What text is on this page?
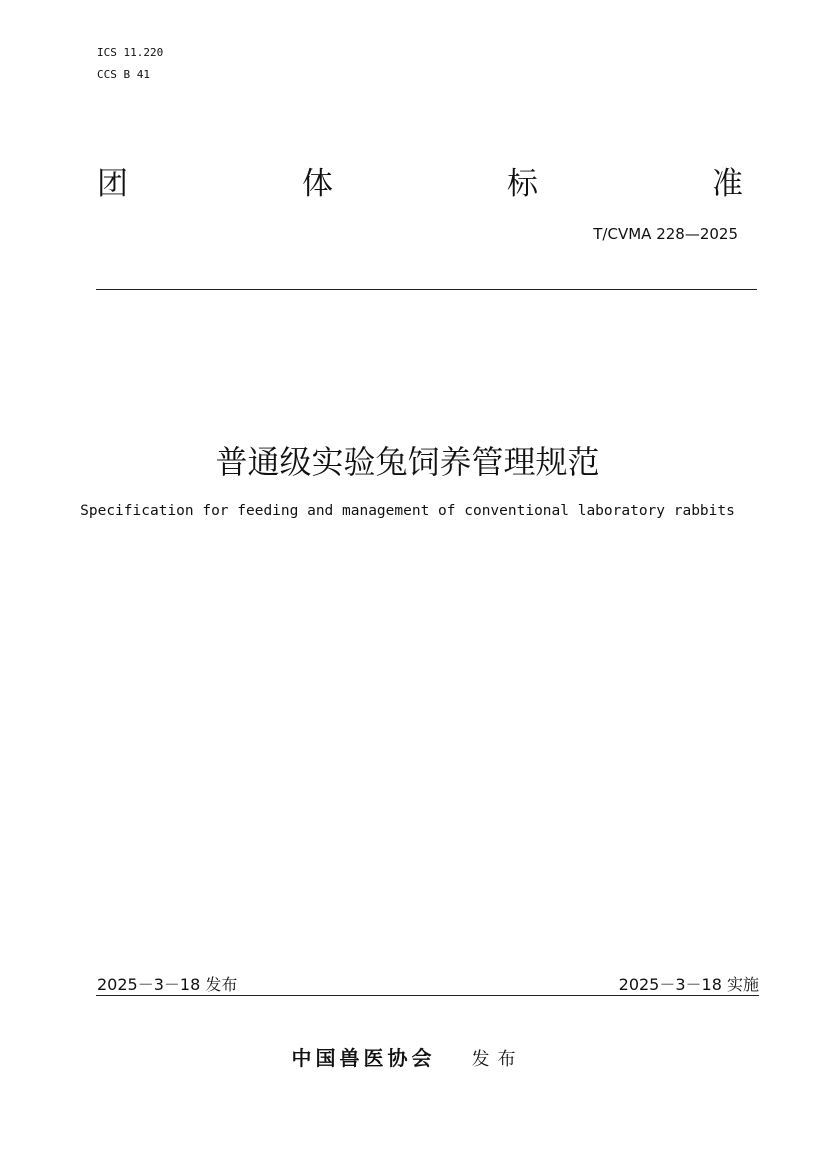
ICS 11.220
CCS B 41
团	体	标	准
T/CVMA 228—2025
普通级实验兔饲养管理规范
Specification for feeding and management of conventional laboratory rabbits
2025－3－18 发布	2025－3－18 实施
中国兽医协会 发布
